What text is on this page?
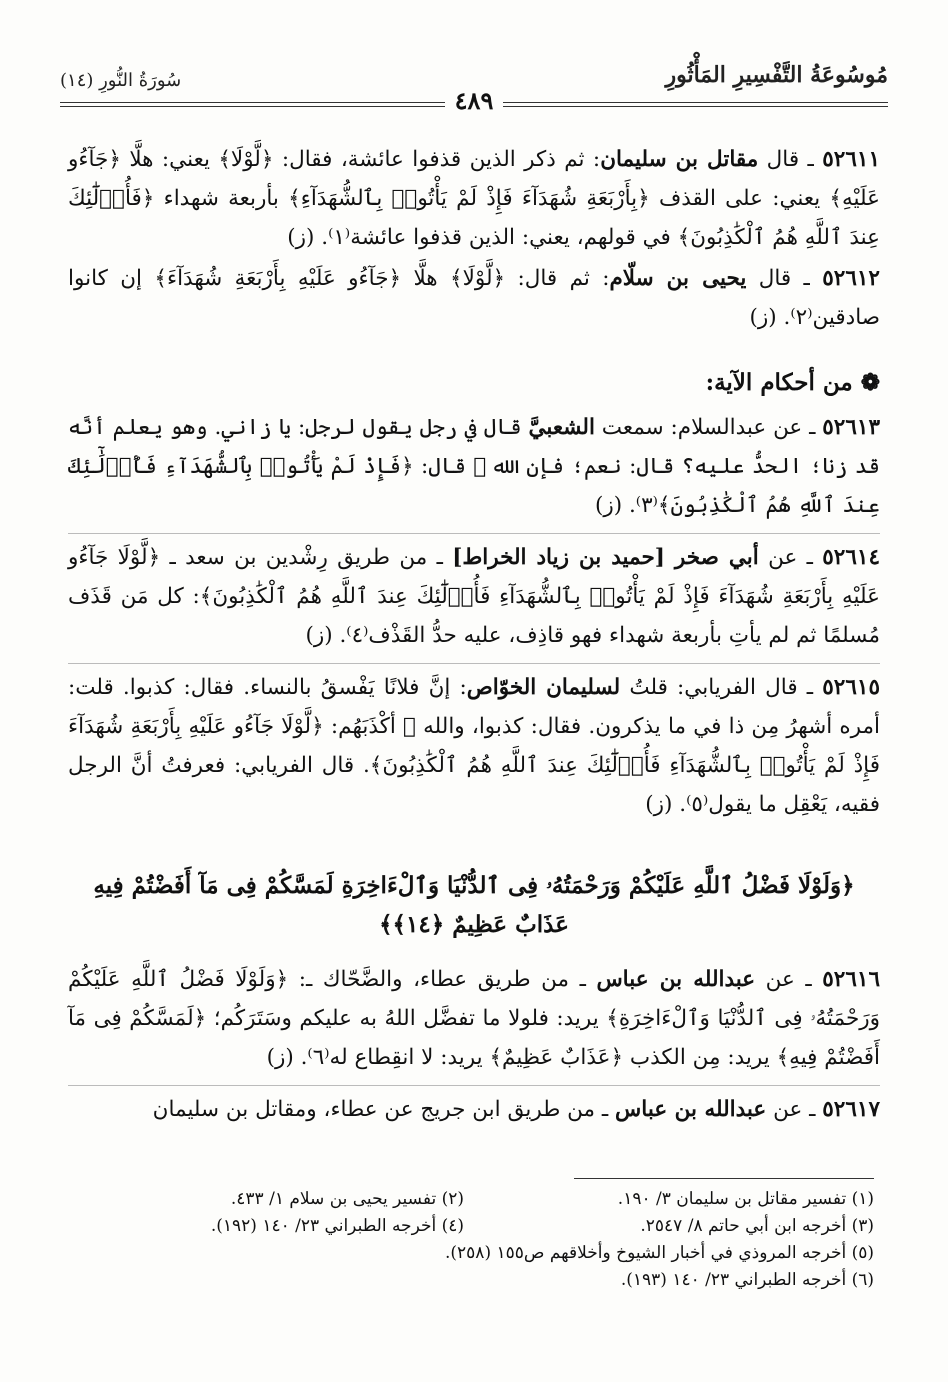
مُوسُوعَةُ التَّفْسِيرِ المَأْثُورِ
سُورَةُ النُّورِ (١٤)
٤٨٩

٥٢٦١١ ـ قال مقاتل بن سليمان: ثم ذكر الذين قذفوا عائشة، فقال: ﴿لَّوْلَا﴾ يعني: هلَّا ﴿جَآءُو عَلَيْهِ﴾ يعني: على القذف ﴿بِأَرْبَعَةِ شُهَدَآءَ فَإِذْ لَمْ يَأْتُوا۟ بِٱلشُّهَدَآءِ﴾ بأربعة شهداء ﴿فَأُو۟لَٰٓئِكَ عِندَ ٱللَّهِ هُمُ ٱلْكَٰذِبُونَ﴾ في قولهم، يعني: الذين قذفوا عائشة⁽١⁾. (ز)

٥٢٦١٢ ـ قال يحيى بن سلّام: ثم قال: ﴿لَّوْلَا﴾ هلَّا ﴿جَآءُو عَلَيْهِ بِأَرْبَعَةِ شُهَدَآءَ﴾ إن كانوا صادقين⁽٢⁾. (ز)

❁ من أحكام الآية:

٥٢٦١٣ ـ عن عبدالسلام: سمعت الشعبيَّ قال في رجل يقول لرجل: يا زاني. وهو يعلم أنَّه قد زنا؛ الحدُّ عليه؟ قال: نعم؛ فإن الله ﷻ قال: ﴿فَإِذْ لَمْ يَأْتُوا۟ بِٱلشُّهَدَآءِ فَأُو۟لَٰٓئِكَ عِندَ ٱللَّهِ هُمُ ٱلْكَٰذِبُونَ﴾⁽٣⁾. (ز)

٥٢٦١٤ ـ عن أبي صخر [حميد بن زياد الخراط] ـ من طريق رِشْدين بن سعد ـ ﴿لَّوْلَا جَآءُو عَلَيْهِ بِأَرْبَعَةِ شُهَدَآءَ فَإِذْ لَمْ يَأْتُوا۟ بِٱلشُّهَدَآءِ فَأُو۟لَٰٓئِكَ عِندَ ٱللَّهِ هُمُ ٱلْكَٰذِبُونَ﴾: كل مَن قَذَف مُسلمًا ثم لم يأتِ بأربعة شهداء فهو قاذِف، عليه حدُّ القَذْف⁽٤⁾. (ز)

٥٢٦١٥ ـ قال الفريابي: قلتُ لسليمان الخوّاص: إنَّ فلانًا يَفْسقُ بالنساء. فقال: كذبوا. قلت: أمره أشهرُ مِن ذا في ما يذكرون. فقال: كذبوا، والله ﷻ أكْذَبَهُم: ﴿لَّوْلَا جَآءُو عَلَيْهِ بِأَرْبَعَةِ شُهَدَآءَ فَإِذْ لَمْ يَأْتُوا۟ بِٱلشُّهَدَآءِ فَأُو۟لَٰٓئِكَ عِندَ ٱللَّهِ هُمُ ٱلْكَٰذِبُونَ﴾. قال الفريابي: فعرفتُ أنَّ الرجل فقيه، يَعْقِل ما يقول⁽٥⁾. (ز)

﴿وَلَوْلَا فَضْلُ ٱللَّهِ عَلَيْكُمْ وَرَحْمَتُهُۥ فِى ٱلدُّنْيَا وَٱلْءَاخِرَةِ لَمَسَّكُمْ فِى مَآ أَفَضْتُمْ فِيهِ عَذَابٌ عَظِيمٌ ﴿١٤﴾﴾

٥٢٦١٦ ـ عن عبدالله بن عباس ـ من طريق عطاء، والضَّحّاك ـ: ﴿وَلَوْلَا فَضْلُ ٱللَّهِ عَلَيْكُمْ وَرَحْمَتُهُۥ فِى ٱلدُّنْيَا وَٱلْءَاخِرَةِ﴾ يريد: فلولا ما تفضَّل اللهُ به عليكم وسَتَرَكُم؛ ﴿لَمَسَّكُمْ فِى مَآ أَفَضْتُمْ فِيهِ﴾ يريد: مِن الكذب ﴿عَذَابٌ عَظِيمٌ﴾ يريد: لا انقِطاع له⁽٦⁾. (ز)

٥٢٦١٧ ـ عن عبدالله بن عباس ـ من طريق ابن جريج عن عطاء، ومقاتل بن سليمان

(١) تفسير مقاتل بن سليمان ٣/ ١٩٠.
(٢) تفسير يحيى بن سلام ١/ ٤٣٣.
(٣) أخرجه ابن أبي حاتم ٨/ ٢٥٤٧.
(٤) أخرجه الطبراني ٢٣/ ١٤٠ (١٩٢).
(٥) أخرجه المروذي في أخبار الشيوخ وأخلاقهم ص١٥٥ (٢٥٨).
(٦) أخرجه الطبراني ٢٣/ ١٤٠ (١٩٣).
